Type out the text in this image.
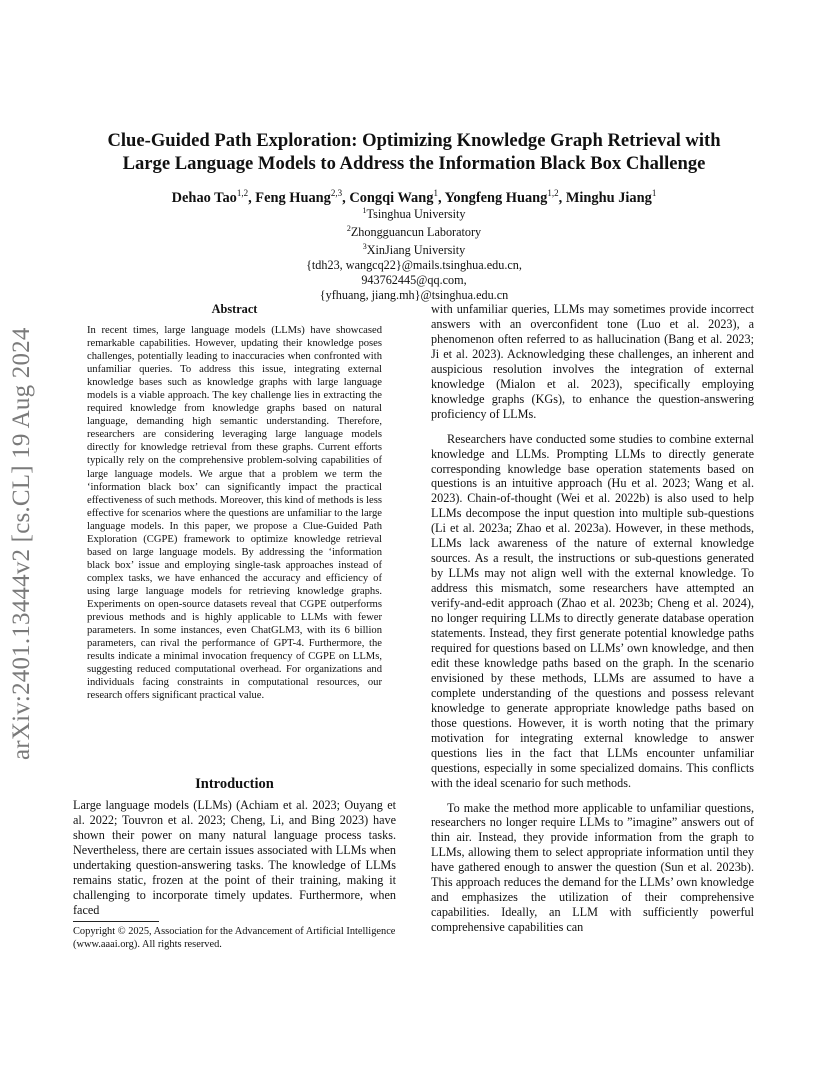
arXiv:2401.13444v2 [cs.CL] 19 Aug 2024
Clue-Guided Path Exploration: Optimizing Knowledge Graph Retrieval with
Large Language Models to Address the Information Black Box Challenge
Dehao Tao$^{1,2}$, Feng Huang$^{2,3}$, Congqi Wang$^1$, Yongfeng Huang$^{1,2}$, Minghu Jiang$^1$
$^1$Tsinghua University
$^2$Zhongguancun Laboratory
$^3$XinJiang University
{tdh23, wangcq22}@mails.tsinghua.edu.cn,
943762445@qq.com,
{yfhuang, jiang.mh}@tsinghua.edu.cn
Abstract

In recent times, large language models (LLMs) have showcased remarkable capabilities. However, updating their knowledge poses challenges, potentially leading to inaccuracies when confronted with unfamiliar queries. To address this issue, integrating external knowledge bases such as knowledge graphs with large language models is a viable approach. The key challenge lies in extracting the required knowledge from knowledge graphs based on natural language, demanding high semantic understanding. Therefore, researchers are considering leveraging large language models directly for knowledge retrieval from these graphs. Current efforts typically rely on the comprehensive problem-solving capabilities of large language models. We argue that a problem we term the ‘information black box’ can significantly impact the practical effectiveness of such methods. Moreover, this kind of methods is less effective for scenarios where the questions are unfamiliar to the large language models. In this paper, we propose a Clue-Guided Path Exploration (CGPE) framework to optimize knowledge retrieval based on large language models. By addressing the ‘information black box’ issue and employing single-task approaches instead of complex tasks, we have enhanced the accuracy and efficiency of using large language models for retrieving knowledge graphs. Experiments on open-source datasets reveal that CGPE outperforms previous methods and is highly applicable to LLMs with fewer parameters. In some instances, even ChatGLM3, with its 6 billion parameters, can rival the performance of GPT-4. Furthermore, the results indicate a minimal invocation frequency of CGPE on LLMs, suggesting reduced computational overhead. For organizations and individuals facing constraints in computational resources, our research offers significant practical value.

Introduction

Large language models (LLMs) (Achiam et al. 2023; Ouyang et al. 2022; Touvron et al. 2023; Cheng, Li, and Bing 2023) have shown their power on many natural language process tasks. Nevertheless, there are certain issues associated with LLMs when undertaking question-answering tasks. The knowledge of LLMs remains static, frozen at the point of their training, making it challenging to incorporate timely updates. Furthermore, when faced

Copyright © 2025, Association for the Advancement of Artificial Intelligence (www.aaai.org). All rights reserved.

with unfamiliar queries, LLMs may sometimes provide incorrect answers with an overconfident tone (Luo et al. 2023), a phenomenon often referred to as hallucination (Bang et al. 2023; Ji et al. 2023). Acknowledging these challenges, an inherent and auspicious resolution involves the integration of external knowledge (Mialon et al. 2023), specifically employing knowledge graphs (KGs), to enhance the question-answering proficiency of LLMs.

Researchers have conducted some studies to combine external knowledge and LLMs. Prompting LLMs to directly generate corresponding knowledge base operation statements based on questions is an intuitive approach (Hu et al. 2023; Wang et al. 2023). Chain-of-thought (Wei et al. 2022b) is also used to help LLMs decompose the input question into multiple sub-questions (Li et al. 2023a; Zhao et al. 2023a). However, in these methods, LLMs lack awareness of the nature of external knowledge sources. As a result, the instructions or sub-questions generated by LLMs may not align well with the external knowledge. To address this mismatch, some researchers have attempted an verify-and-edit approach (Zhao et al. 2023b; Cheng et al. 2024), no longer requiring LLMs to directly generate database operation statements. Instead, they first generate potential knowledge paths required for questions based on LLMs’ own knowledge, and then edit these knowledge paths based on the graph. In the scenario envisioned by these methods, LLMs are assumed to have a complete understanding of the questions and possess relevant knowledge to generate appropriate knowledge paths based on those questions. However, it is worth noting that the primary motivation for integrating external knowledge to answer questions lies in the fact that LLMs encounter unfamiliar questions, especially in some specialized domains. This conflicts with the ideal scenario for such methods.

To make the method more applicable to unfamiliar questions, researchers no longer require LLMs to ”imagine” answers out of thin air. Instead, they provide information from the graph to LLMs, allowing them to select appropriate information until they have gathered enough to answer the question (Sun et al. 2023b). This approach reduces the demand for the LLMs’ own knowledge and emphasizes the utilization of their comprehensive capabilities. Ideally, an LLM with sufficiently powerful comprehensive capabilities can
